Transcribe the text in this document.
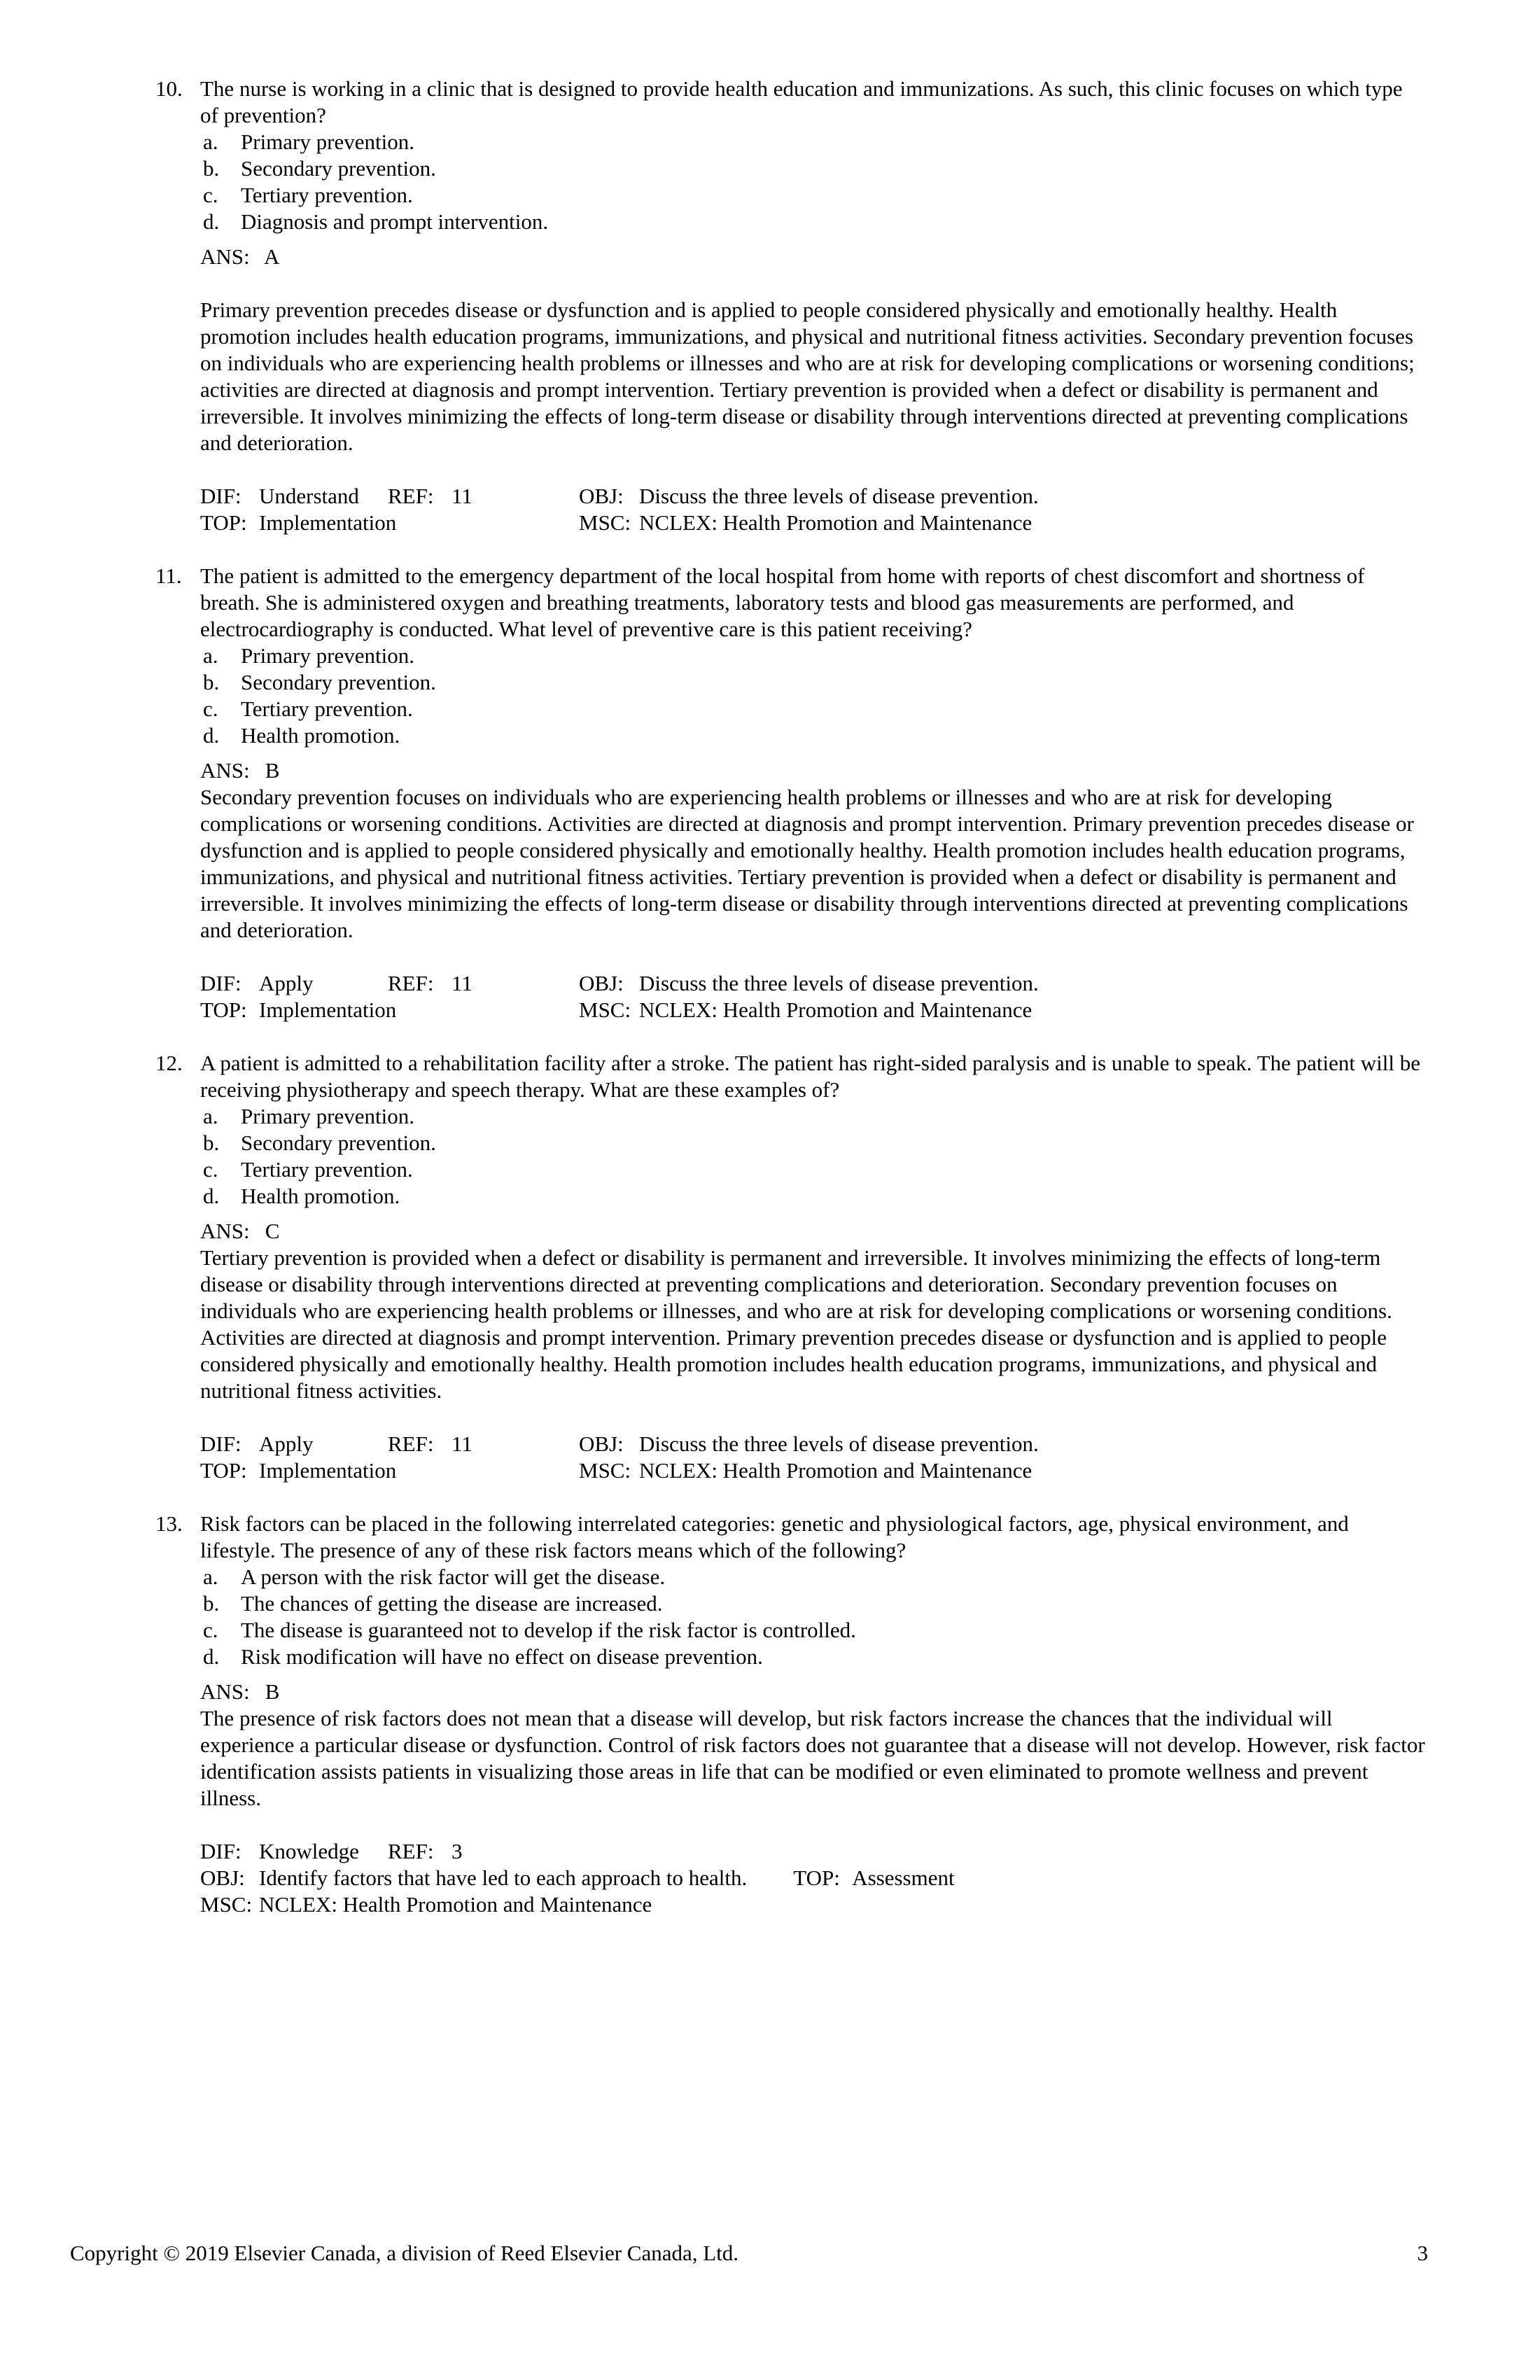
10. The nurse is working in a clinic that is designed to provide health education and immunizations. As such, this clinic focuses on which type of prevention?
a.	Primary prevention.
b. Secondary prevention.
c.	Tertiary prevention.
d. Diagnosis and prompt intervention.
ANS: A
Primary prevention precedes disease or dysfunction and is applied to people considered physically and emotionally healthy. Health promotion includes health education programs, immunizations, and physical and nutritional fitness activities. Secondary prevention focuses on individuals who are experiencing health problems or illnesses and who are at risk for developing complications or worsening conditions; activities are directed at diagnosis and prompt intervention. Tertiary prevention is provided when a defect or disability is permanent and irreversible. It involves minimizing the effects of long-term disease or disability through interventions directed at preventing complications and deterioration.
DIF: Understand	REF: 11	OBJ: Discuss the three levels of disease prevention.
TOP: Implementation	MSC: NCLEX: Health Promotion and Maintenance
11. The patient is admitted to the emergency department of the local hospital from home with reports of chest discomfort and shortness of breath. She is administered oxygen and breathing treatments, laboratory tests and blood gas measurements are performed, and electrocardiography is conducted. What level of preventive care is this patient receiving?
a.	Primary prevention.
b. Secondary prevention.
c.	Tertiary prevention.
d. Health promotion.
ANS: B
Secondary prevention focuses on individuals who are experiencing health problems or illnesses and who are at risk for developing complications or worsening conditions. Activities are directed at diagnosis and prompt intervention. Primary prevention precedes disease or dysfunction and is applied to people considered physically and emotionally healthy. Health promotion includes health education programs, immunizations, and physical and nutritional fitness activities. Tertiary prevention is provided when a defect or disability is permanent and irreversible. It involves minimizing the effects of long-term disease or disability through interventions directed at preventing complications and deterioration.
DIF: Apply	REF: 11	OBJ: Discuss the three levels of disease prevention.
TOP: Implementation	MSC: NCLEX: Health Promotion and Maintenance
12. A patient is admitted to a rehabilitation facility after a stroke. The patient has right-sided paralysis and is unable to speak. The patient will be receiving physiotherapy and speech therapy. What are these examples of?
a.	Primary prevention.
b. Secondary prevention.
c.	Tertiary prevention.
d. Health promotion.
ANS: C
Tertiary prevention is provided when a defect or disability is permanent and irreversible. It involves minimizing the effects of long-term disease or disability through interventions directed at preventing complications and deterioration. Secondary prevention focuses on individuals who are experiencing health problems or illnesses, and who are at risk for developing complications or worsening conditions. Activities are directed at diagnosis and prompt intervention. Primary prevention precedes disease or dysfunction and is applied to people considered physically and emotionally healthy. Health promotion includes health education programs, immunizations, and physical and nutritional fitness activities.
DIF: Apply	REF: 11	OBJ: Discuss the three levels of disease prevention.
TOP: Implementation	MSC: NCLEX: Health Promotion and Maintenance
13. Risk factors can be placed in the following interrelated categories: genetic and physiological factors, age, physical environment, and lifestyle. The presence of any of these risk factors means which of the following?
a.	A person with the risk factor will get the disease.
b. The chances of getting the disease are increased.
c.	The disease is guaranteed not to develop if the risk factor is controlled.
d. Risk modification will have no effect on disease prevention.
ANS: B
The presence of risk factors does not mean that a disease will develop, but risk factors increase the chances that the individual will experience a particular disease or dysfunction. Control of risk factors does not guarantee that a disease will not develop. However, risk factor identification assists patients in visualizing those areas in life that can be modified or even eliminated to promote wellness and prevent illness.
DIF: Knowledge	REF: 3
OBJ: Identify factors that have led to each approach to health. TOP: Assessment
MSC: NCLEX: Health Promotion and Maintenance
Copyright © 2019 Elsevier Canada, a division of Reed Elsevier Canada, Ltd.	3
